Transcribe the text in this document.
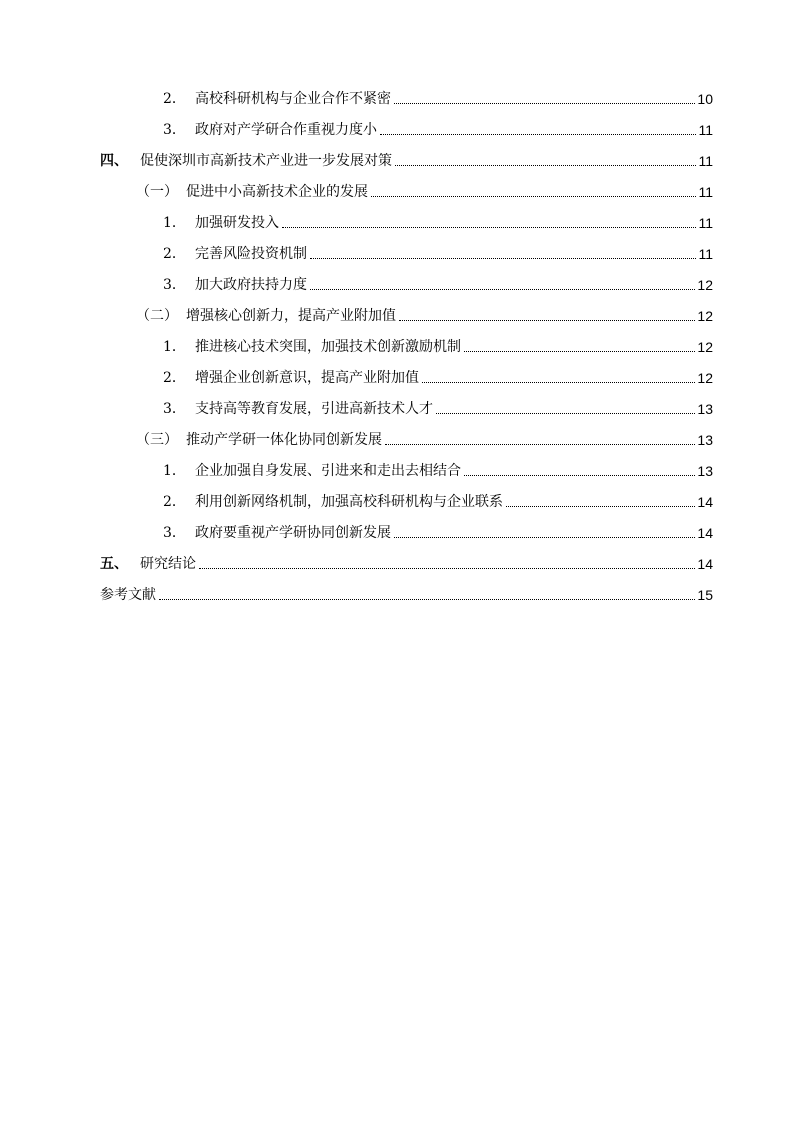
2． 高校科研机构与企业合作不紧密	10
3． 政府对产学研合作重视力度小	11
四、 促使深圳市高新技术产业进一步发展对策	11
（一） 促进中小高新技术企业的发展	11
1． 加强研发投入	11
2． 完善风险投资机制	11
3． 加大政府扶持力度	12
（二） 增强核心创新力，提高产业附加值	12
1． 推进核心技术突围，加强技术创新激励机制	12
2． 增强企业创新意识，提高产业附加值	12
3． 支持高等教育发展，引进高新技术人才	13
（三） 推动产学研一体化协同创新发展	13
1． 企业加强自身发展、引进来和走出去相结合	13
2． 利用创新网络机制，加强高校科研机构与企业联系	14
3． 政府要重视产学研协同创新发展	14
五、 研究结论	14
参考文献	15
